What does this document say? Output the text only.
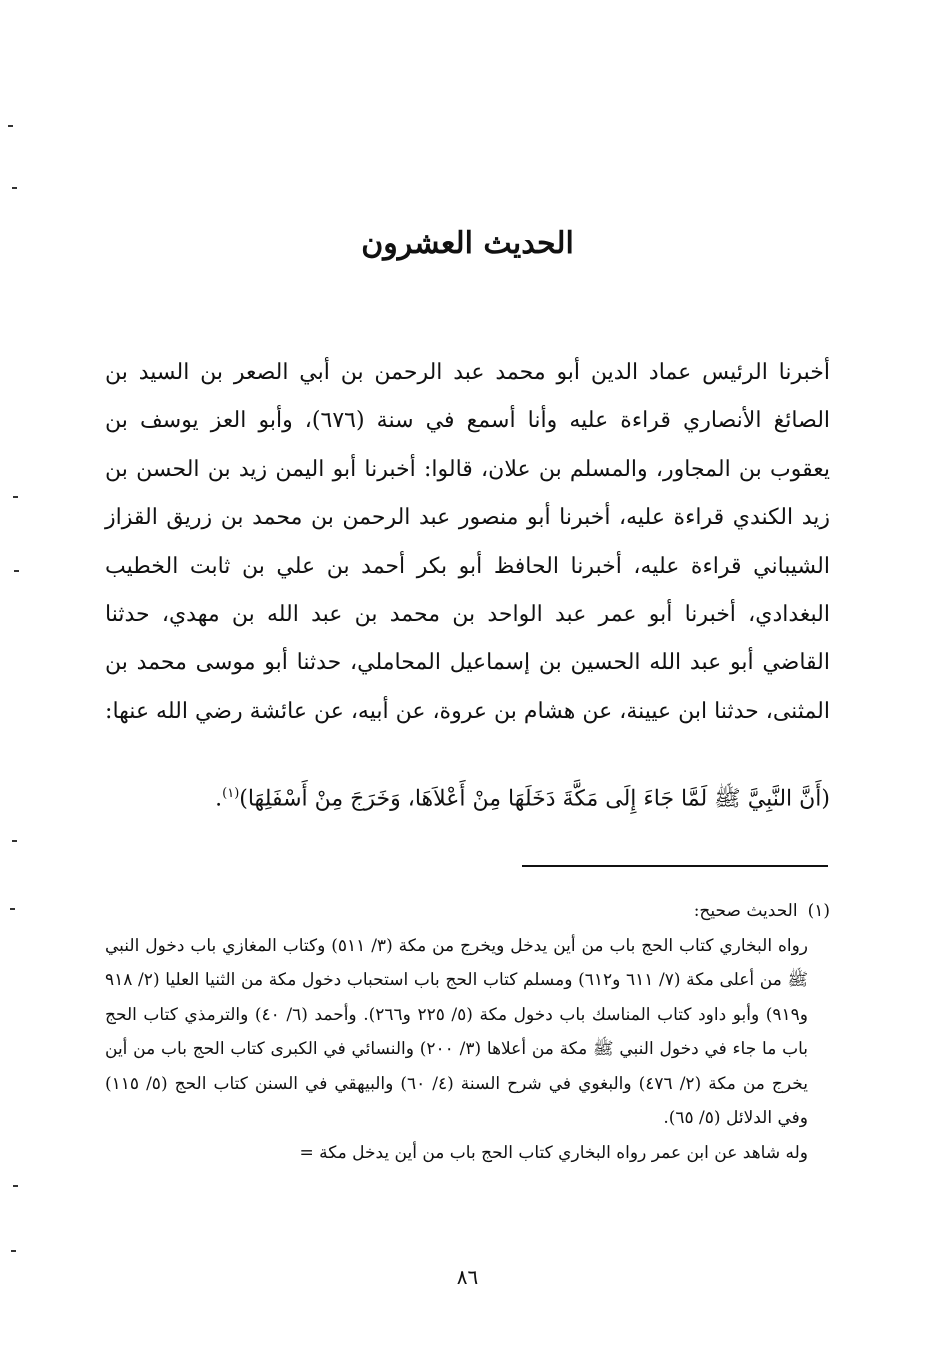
الحديث العشرون

أخبرنا الرئيس عماد الدين أبو محمد عبد الرحمن بن أبي الصعر بن السيد بن الصائغ الأنصاري قراءة عليه وأنا أسمع في سنة (٦٧٦)، وأبو العز يوسف بن يعقوب بن المجاور، والمسلم بن علان، قالوا: أخبرنا أبو اليمن زيد بن الحسن بن زيد الكندي قراءة عليه، أخبرنا أبو منصور عبد الرحمن بن محمد بن زريق القزاز الشيباني قراءة عليه، أخبرنا الحافظ أبو بكر أحمد بن علي بن ثابت الخطيب البغدادي، أخبرنا أبو عمر عبد الواحد بن محمد بن عبد الله بن مهدي، حدثنا القاضي أبو عبد الله الحسين بن إسماعيل المحاملي، حدثنا أبو موسى محمد بن المثنى، حدثنا ابن عيينة، عن هشام بن عروة، عن أبيه، عن عائشة رضي الله عنها:

(أَنَّ النَّبِيَّ ﷺ لَمَّا جَاءَ إِلَى مَكَّةَ دَخَلَهَا مِنْ أَعْلاَهَا، وَخَرَجَ مِنْ أَسْفَلِهَا)$^{(١)}$.

(١)الحديث صحيح:

رواه البخاري كتاب الحج باب من أين يدخل ويخرج من مكة (٣/ ٥١١) وكتاب المغازي باب دخول النبي ﷺ من أعلى مكة (٧/ ٦١١ و٦١٢) ومسلم كتاب الحج باب استحباب دخول مكة من الثنيا العليا (٢/ ٩١٨ و٩١٩) وأبو داود كتاب المناسك باب دخول مكة (٥/ ٢٢٥ و٢٦٦). وأحمد (٦/ ٤٠) والترمذي كتاب الحج باب ما جاء في دخول النبي ﷺ مكة من أعلاها (٣/ ٢٠٠) والنسائي في الكبرى كتاب الحج باب من أين يخرج من مكة (٢/ ٤٧٦) والبغوي في شرح السنة (٤/ ٦٠) والبيهقي في السنن كتاب الحج (٥/ ١١٥) وفي الدلائل (٥/ ٦٥).

وله شاهد عن ابن عمر رواه البخاري كتاب الحج باب من أين يدخل مكة =

٨٦
